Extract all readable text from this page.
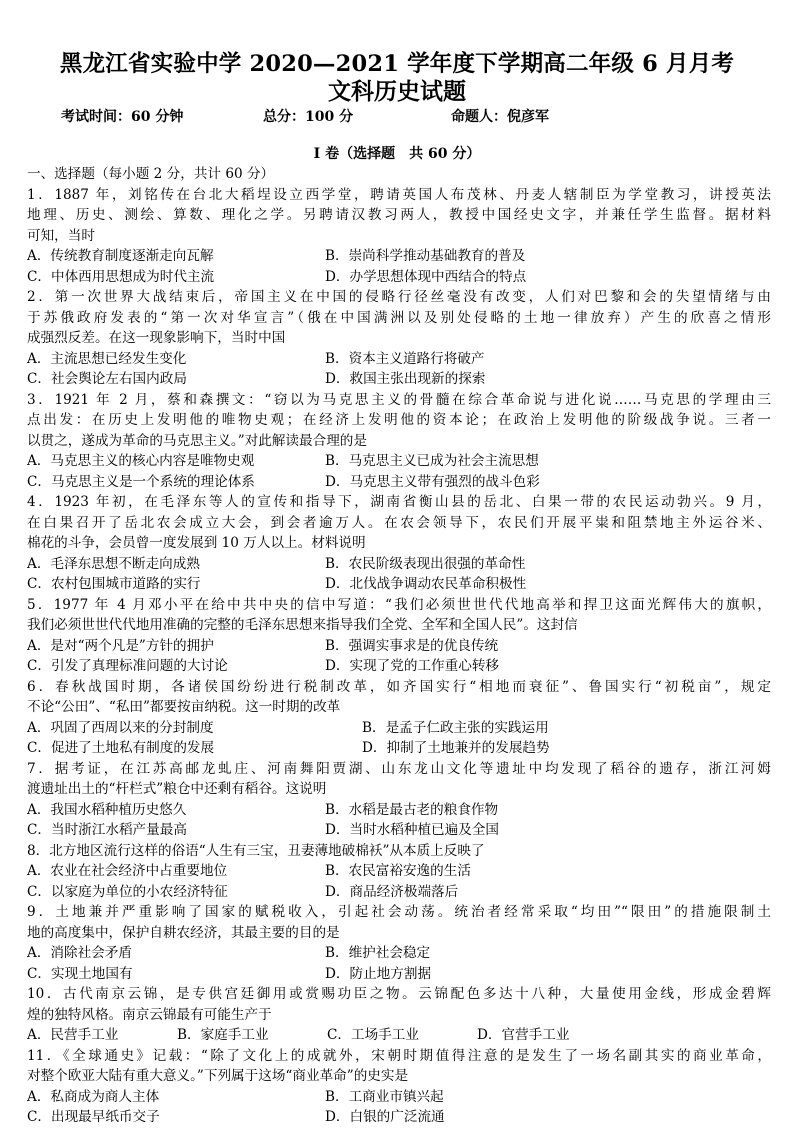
黑龙江省实验中学 2020—2021 学年度下学期高二年级 6 月月考
文科历史试题
考试时间：60 分钟	总分：100 分	命题人：倪彦军
I 卷（选择题　共 60 分）
一、选择题（每小题 2 分，共计 60 分）
1．1887 年，刘铭传在台北大稻埕设立西学堂，聘请英国人布茂林、丹麦人辖制臣为学堂教习，讲授英法
地理、历史、测绘、算数、理化之学。另聘请汉教习两人，教授中国经史文字，并兼任学生监督。据材料
可知，当时
A．传统教育制度逐渐走向瓦解	B．崇尚科学推动基础教育的普及
C．中体西用思想成为时代主流	D．办学思想体现中西结合的特点
2．第一次世界大战结束后，帝国主义在中国的侵略行径丝毫没有改变，人们对巴黎和会的失望情绪与由
于苏俄政府发表的“第一次对华宣言”（俄在中国满洲以及别处侵略的土地一律放弃）产生的欣喜之情形
成强烈反差。在这一现象影响下，当时中国
A．主流思想已经发生变化	B．资本主义道路行将破产
C．社会舆论左右国内政局	D．救国主张出现新的探索
3．1921 年 2 月，蔡和森撰文：“窃以为马克思主义的骨髓在综合革命说与进化说……马克思的学理由三
点出发：在历史上发明他的唯物史观；在经济上发明他的资本论；在政治上发明他的阶级战争说。三者一
以贯之，遂成为革命的马克思主义。”对此解读最合理的是
A．马克思主义的核心内容是唯物史观	B．马克思主义已成为社会主流思想
C．马克思主义是一个系统的理论体系	D．马克思主义带有强烈的战斗色彩
4．1923 年初，在毛泽东等人的宣传和指导下，湖南省衡山县的岳北、白果一带的农民运动勃兴。9 月，
在白果召开了岳北农会成立大会，到会者逾万人。在农会领导下，农民们开展平粜和阻禁地主外运谷米、
棉花的斗争，会员曾一度发展到 10 万人以上。材料说明
A．毛泽东思想不断走向成熟	B．农民阶级表现出很强的革命性
C．农村包围城市道路的实行	D．北伐战争调动农民革命积极性
5．1977 年 4 月邓小平在给中共中央的信中写道：“我们必须世世代代地高举和捍卫这面光辉伟大的旗帜，
我们必须世世代代地用准确的完整的毛泽东思想来指导我们全党、全军和全国人民”。这封信
A．是对“两个凡是”方针的拥护	B．强调实事求是的优良传统
C．引发了真理标准问题的大讨论	D．实现了党的工作重心转移
6．春秋战国时期，各诸侯国纷纷进行税制改革，如齐国实行“相地而衰征”、鲁国实行“初税亩”，规定
不论“公田”、“私田”都要按亩纳税。这一时期的改革
A．巩固了西周以来的分封制度	B．是孟子仁政主张的实践运用
C．促进了土地私有制度的发展	D．抑制了土地兼并的发展趋势
7．据考证，在江苏高邮龙虬庄、河南舞阳贾湖、山东龙山文化等遗址中均发现了稻谷的遗存，浙江河姆
渡遗址出土的“杆栏式”粮仓中还剩有稻谷。这说明
A．我国水稻种植历史悠久	B．水稻是最古老的粮食作物
C．当时浙江水稻产量最高	D．当时水稻种植已遍及全国
8．北方地区流行这样的俗语“人生有三宝，丑妻薄地破棉袄”从本质上反映了
A．农业在社会经济中占重要地位	B．农民富裕安逸的生活
C．以家庭为单位的小农经济特征	D．商品经济极端落后
9．土地兼并严重影响了国家的赋税收入，引起社会动荡。统治者经常采取“均田”“限田”的措施限制土
地的高度集中，保护自耕农经济，其最主要的目的是
A．消除社会矛盾	B．维护社会稳定
C．实现土地国有	D．防止地方割据
10．古代南京云锦，是专供宫廷御用或赏赐功臣之物。云锦配色多达十八种，大量使用金线，形成金碧辉
煌的独特风格。南京云锦最有可能生产于
A．民营手工业	B．家庭手工业	C．工场手工业	D．官营手工业
11．《全球通史》记载：“除了文化上的成就外，宋朝时期值得注意的是发生了一场名副其实的商业革命，
对整个欧亚大陆有重大意义。”下列属于这场“商业革命”的史实是
A．私商成为商人主体	B．工商业市镇兴起
C．出现最早纸币交子	D．白银的广泛流通
